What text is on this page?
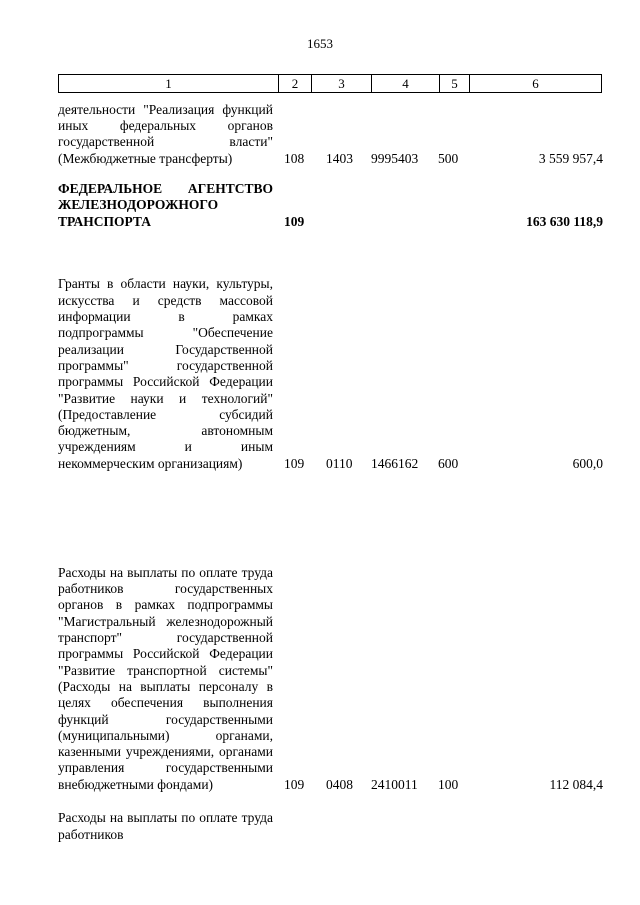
1653
1	2	3	4	5	6
деятельности "Реализация функций иных федеральных органов государственной власти" (Межбюджетные трансферты)	108 1403 9995403 500	3 559 957,4
ФЕДЕРАЛЬНОЕ АГЕНТСТВО ЖЕЛЕЗНОДОРОЖНОГО ТРАНСПОРТА	109	163 630 118,9
Гранты в области науки, культуры, искусства и средств массовой информации в рамках подпрограммы "Обеспечение реализации Государственной программы" государственной программы Российской Федерации "Развитие науки и технологий" (Предоставление субсидий бюджетным, автономным учреждениям и иным некоммерческим организациям)	109 0110 1466162 600	600,0
Расходы на выплаты по оплате труда работников государственных органов в рамках подпрограммы "Магистральный железнодорожный транспорт" государственной программы Российской Федерации "Развитие транспортной системы" (Расходы на выплаты персоналу в целях обеспечения выполнения функций государственными (муниципальными) органами, казенными учреждениями, органами управления государственными внебюджетными фондами)	109 0408 2410011 100	112 084,4
Расходы на выплаты по оплате труда работников
